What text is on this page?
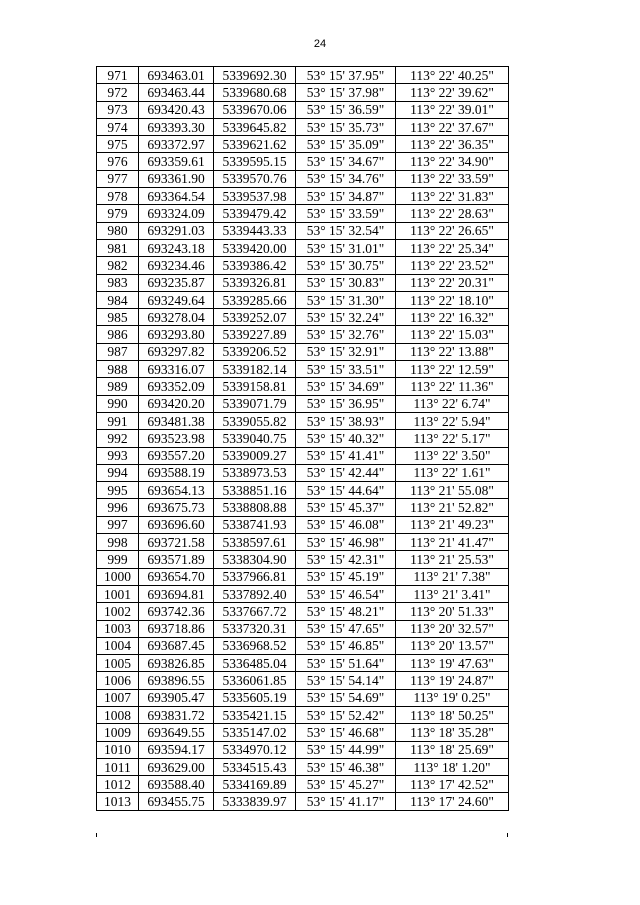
24
971	693463.01	5339692.30	53° 15' 37.95"	113° 22' 40.25"
972	693463.44	5339680.68	53° 15' 37.98"	113° 22' 39.62"
973	693420.43	5339670.06	53° 15' 36.59"	113° 22' 39.01"
974	693393.30	5339645.82	53° 15' 35.73"	113° 22' 37.67"
975	693372.97	5339621.62	53° 15' 35.09"	113° 22' 36.35"
976	693359.61	5339595.15	53° 15' 34.67"	113° 22' 34.90"
977	693361.90	5339570.76	53° 15' 34.76"	113° 22' 33.59"
978	693364.54	5339537.98	53° 15' 34.87"	113° 22' 31.83"
979	693324.09	5339479.42	53° 15' 33.59"	113° 22' 28.63"
980	693291.03	5339443.33	53° 15' 32.54"	113° 22' 26.65"
981	693243.18	5339420.00	53° 15' 31.01"	113° 22' 25.34"
982	693234.46	5339386.42	53° 15' 30.75"	113° 22' 23.52"
983	693235.87	5339326.81	53° 15' 30.83"	113° 22' 20.31"
984	693249.64	5339285.66	53° 15' 31.30"	113° 22' 18.10"
985	693278.04	5339252.07	53° 15' 32.24"	113° 22' 16.32"
986	693293.80	5339227.89	53° 15' 32.76"	113° 22' 15.03"
987	693297.82	5339206.52	53° 15' 32.91"	113° 22' 13.88"
988	693316.07	5339182.14	53° 15' 33.51"	113° 22' 12.59"
989	693352.09	5339158.81	53° 15' 34.69"	113° 22' 11.36"
990	693420.20	5339071.79	53° 15' 36.95"	113° 22' 6.74"
991	693481.38	5339055.82	53° 15' 38.93"	113° 22' 5.94"
992	693523.98	5339040.75	53° 15' 40.32"	113° 22' 5.17"
993	693557.20	5339009.27	53° 15' 41.41"	113° 22' 3.50"
994	693588.19	5338973.53	53° 15' 42.44"	113° 22' 1.61"
995	693654.13	5338851.16	53° 15' 44.64"	113° 21' 55.08"
996	693675.73	5338808.88	53° 15' 45.37"	113° 21' 52.82"
997	693696.60	5338741.93	53° 15' 46.08"	113° 21' 49.23"
998	693721.58	5338597.61	53° 15' 46.98"	113° 21' 41.47"
999	693571.89	5338304.90	53° 15' 42.31"	113° 21' 25.53"
1000	693654.70	5337966.81	53° 15' 45.19"	113° 21' 7.38"
1001	693694.81	5337892.40	53° 15' 46.54"	113° 21' 3.41"
1002	693742.36	5337667.72	53° 15' 48.21"	113° 20' 51.33"
1003	693718.86	5337320.31	53° 15' 47.65"	113° 20' 32.57"
1004	693687.45	5336968.52	53° 15' 46.85"	113° 20' 13.57"
1005	693826.85	5336485.04	53° 15' 51.64"	113° 19' 47.63"
1006	693896.55	5336061.85	53° 15' 54.14"	113° 19' 24.87"
1007	693905.47	5335605.19	53° 15' 54.69"	113° 19' 0.25"
1008	693831.72	5335421.15	53° 15' 52.42"	113° 18' 50.25"
1009	693649.55	5335147.02	53° 15' 46.68"	113° 18' 35.28"
1010	693594.17	5334970.12	53° 15' 44.99"	113° 18' 25.69"
1011	693629.00	5334515.43	53° 15' 46.38"	113° 18' 1.20"
1012	693588.40	5334169.89	53° 15' 45.27"	113° 17' 42.52"
1013	693455.75	5333839.97	53° 15' 41.17"	113° 17' 24.60"
